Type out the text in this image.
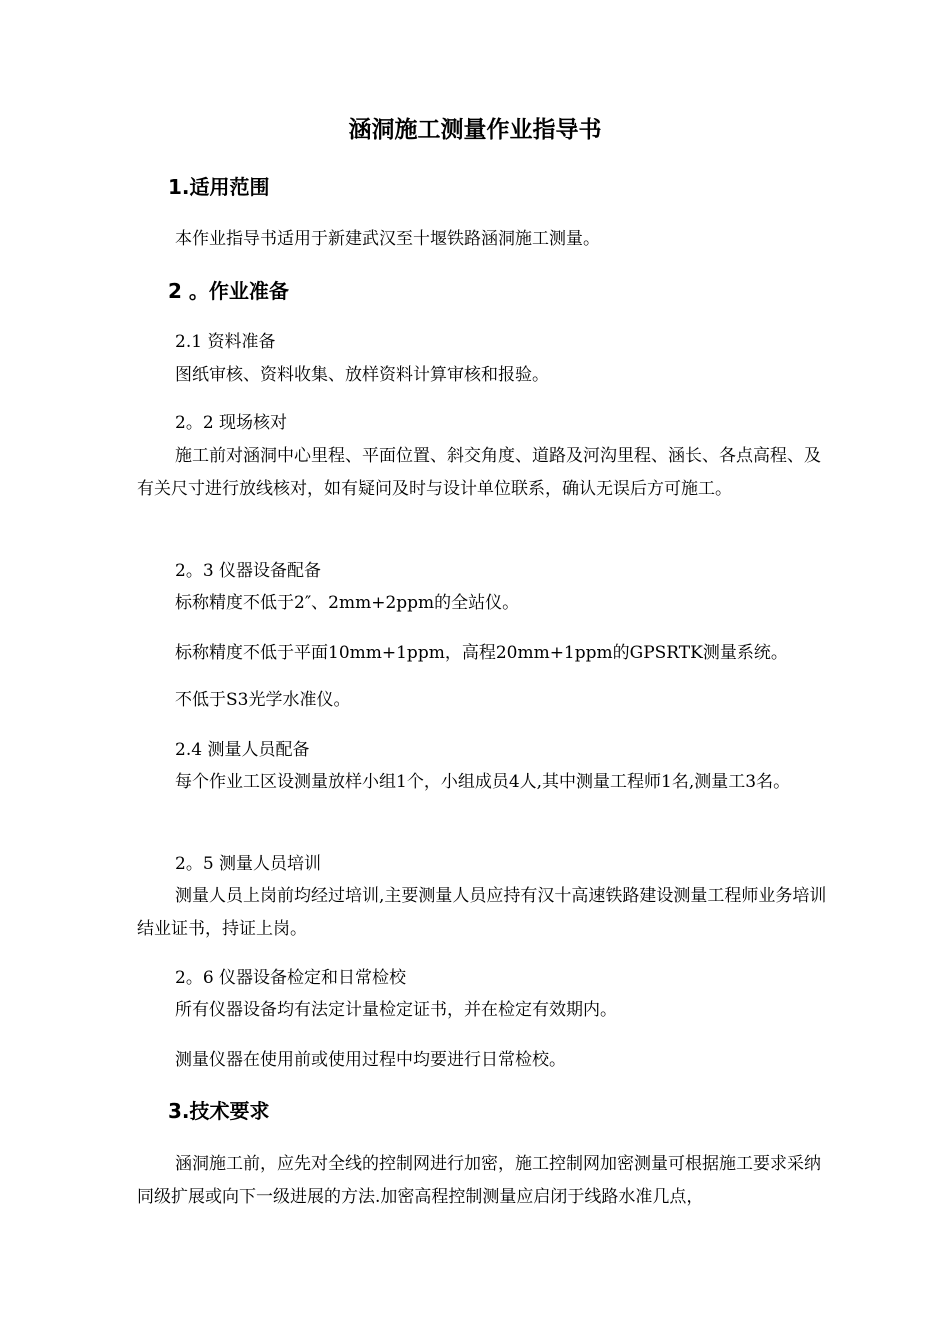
涵洞施工测量作业指导书
1.适用范围

本作业指导书适用于新建武汉至十堰铁路涵洞施工测量。

2 。作业准备

2.1 资料准备

图纸审核、资料收集、放样资料计算审核和报验。

2。2 现场核对

施工前对涵洞中心里程、平面位置、斜交角度、道路及河沟里程、涵长、各点高程、及有关尺寸进行放线核对，如有疑问及时与设计单位联系，确认无误后方可施工。

2。3 仪器设备配备

标称精度不低于2″、2mm+2ppm的全站仪。

标称精度不低于平面10mm+1ppm，高程20mm+1ppm的GPSRTK测量系统。

不低于S3光学水准仪。

2.4 测量人员配备

每个作业工区设测量放样小组1个，小组成员4人,其中测量工程师1名,测量工3名。

2。5 测量人员培训

测量人员上岗前均经过培训,主要测量人员应持有汉十高速铁路建设测量工程师业务培训结业证书，持证上岗。

2。6 仪器设备检定和日常检校

所有仪器设备均有法定计量检定证书，并在检定有效期内。

测量仪器在使用前或使用过程中均要进行日常检校。

3.技术要求

涵洞施工前，应先对全线的控制网进行加密，施工控制网加密测量可根据施工要求采纳同级扩展或向下一级进展的方法.加密高程控制测量应启闭于线路水准几点，
